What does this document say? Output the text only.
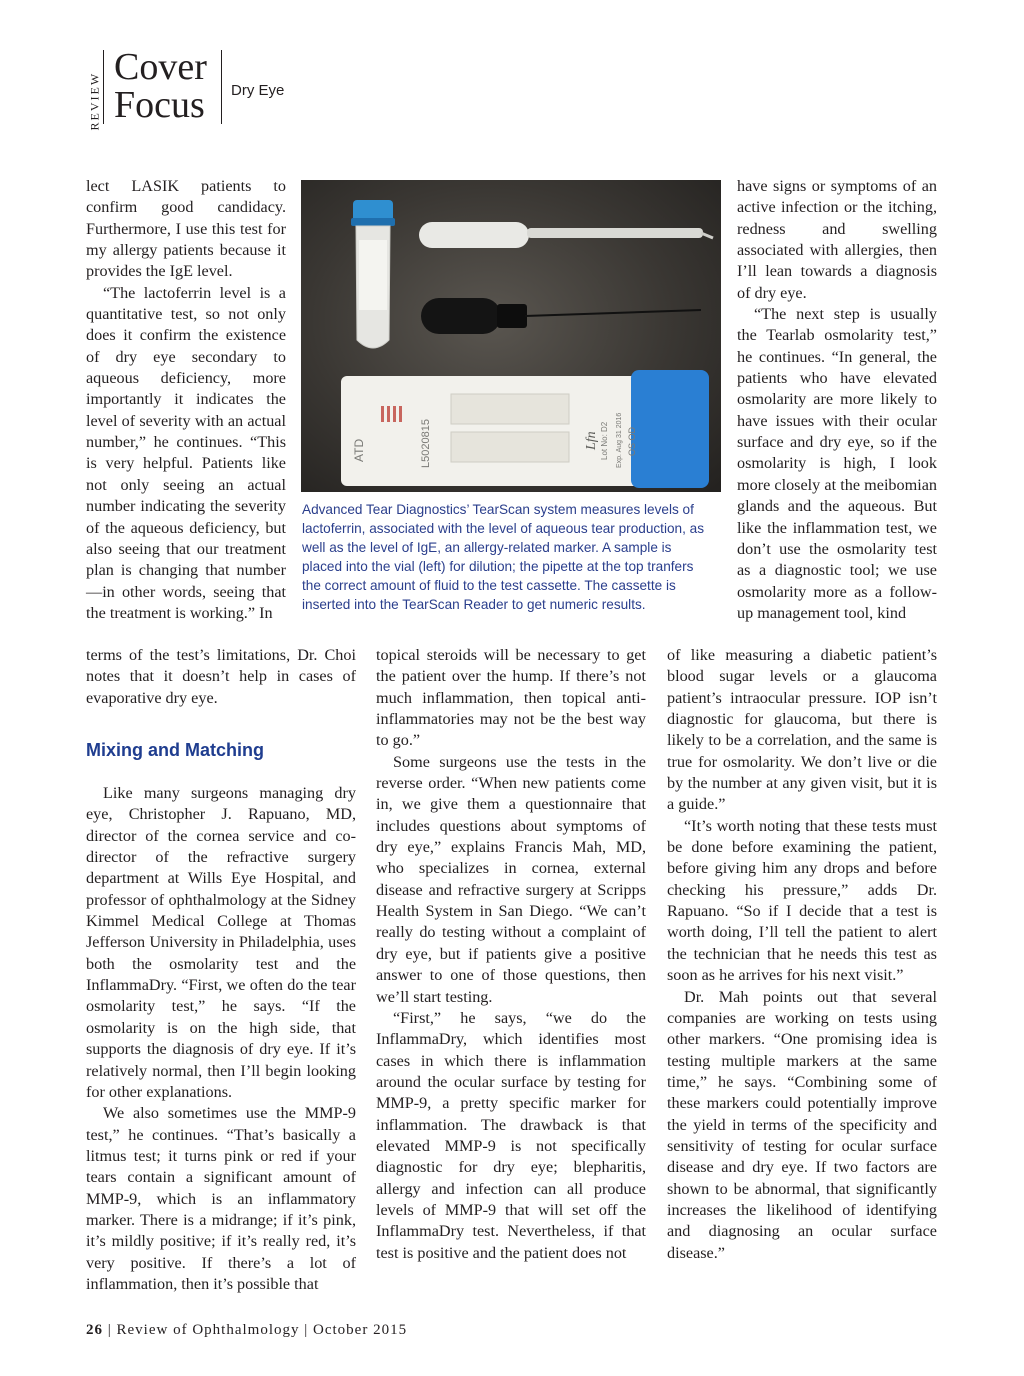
REVIEW
Cover
Focus Dry Eye

lect LASIK patients to confirm good candidacy. Furthermore, I use this test for my allergy patients because it provides the IgE level.

“The lactoferrin level is a quantitative test, so not only does it confirm the existence of dry eye secondary to aqueous deficiency, more importantly it indicates the level of severity with an actual number,” he continues. “This is very helpful. Patients like not only seeing an actual number indicating the severity of the aqueous deficiency, but also seeing that our treatment plan is changing that number—in other words, seeing that the treatment is working.” In

ATD	L5020815	Lfn Lot No: D2 Exp. Aug 31 2016 OS OD
Advanced Tear Diagnostics’ TearScan system measures levels of lactoferrin, associated with the level of aqueous tear production, as well as the level of IgE, an allergy-related marker. A sample is placed into the vial (left) for dilution; the pipette at the top tranfers the correct amount of fluid to the test cassette. The cassette is inserted into the TearScan Reader to get numeric results.

have signs or symptoms of an active infection or the itching, redness and swelling associated with allergies, then I’ll lean towards a diagnosis of dry eye.

“The next step is usually the Tearlab osmolarity test,” he continues. “In general, the patients who have elevated osmolarity are more likely to have issues with their ocular surface and dry eye, so if the osmolarity is high, I look more closely at the meibomian glands and the aqueous. But like the inflammation test, we don’t use the osmolarity test as a diagnostic tool; we use osmolarity more as a follow-up management tool, kind

terms of the test’s limitations, Dr. Choi notes that it doesn’t help in cases of evaporative dry eye.

Mixing and Matching

Like many surgeons managing dry eye, Christopher J. Rapuano, MD, director of the cornea service and co-director of the refractive surgery department at Wills Eye Hospital, and professor of ophthalmology at the Sidney Kimmel Medical College at Thomas Jefferson University in Philadelphia, uses both the osmolarity test and the InflammaDry. “First, we often do the tear osmolarity test,” he says. “If the osmolarity is on the high side, that supports the diagnosis of dry eye. If it’s relatively normal, then I’ll begin looking for other explanations.

We also sometimes use the MMP-9 test,” he continues. “That’s basically a litmus test; it turns pink or red if your tears contain a significant amount of MMP-9, which is an inflammatory marker. There is a midrange; if it’s pink, it’s mildly positive; if it’s really red, it’s very positive. If there’s a lot of inflammation, then it’s possible that

topical steroids will be necessary to get the patient over the hump. If there’s not much inflammation, then topical anti-inflammatories may not be the best way to go.”

Some surgeons use the tests in the reverse order. “When new patients come in, we give them a questionnaire that includes questions about symptoms of dry eye,” explains Francis Mah, MD, who specializes in cornea, external disease and refractive surgery at Scripps Health System in San Diego. “We can’t really do testing without a complaint of dry eye, but if patients give a positive answer to one of those questions, then we’ll start testing.

“First,” he says, “we do the InflammaDry, which identifies most cases in which there is inflammation around the ocular surface by testing for MMP-9, a pretty specific marker for inflammation. The drawback is that elevated MMP-9 is not specifically diagnostic for dry eye; blepharitis, allergy and infection can all produce levels of MMP-9 that will set off the InflammaDry test. Nevertheless, if that test is positive and the patient does not

of like measuring a diabetic patient’s blood sugar levels or a glaucoma patient’s intraocular pressure. IOP isn’t diagnostic for glaucoma, but there is likely to be a correlation, and the same is true for osmolarity. We don’t live or die by the number at any given visit, but it is a guide.”

“It’s worth noting that these tests must be done before examining the patient, before giving him any drops and before checking his pressure,” adds Dr. Rapuano. “So if I decide that a test is worth doing, I’ll tell the patient to alert the technician that he needs this test as soon as he arrives for his next visit.”

Dr. Mah points out that several companies are working on tests using other markers. “One promising idea is testing multiple markers at the same time,” he says. “Combining some of these markers could potentially improve the yield in terms of the specificity and sensitivity of testing for ocular surface disease and dry eye. If two factors are shown to be abnormal, that significantly increases the likelihood of identifying and diagnosing an ocular surface disease.”

26 | Review of Ophthalmology | October 2015
